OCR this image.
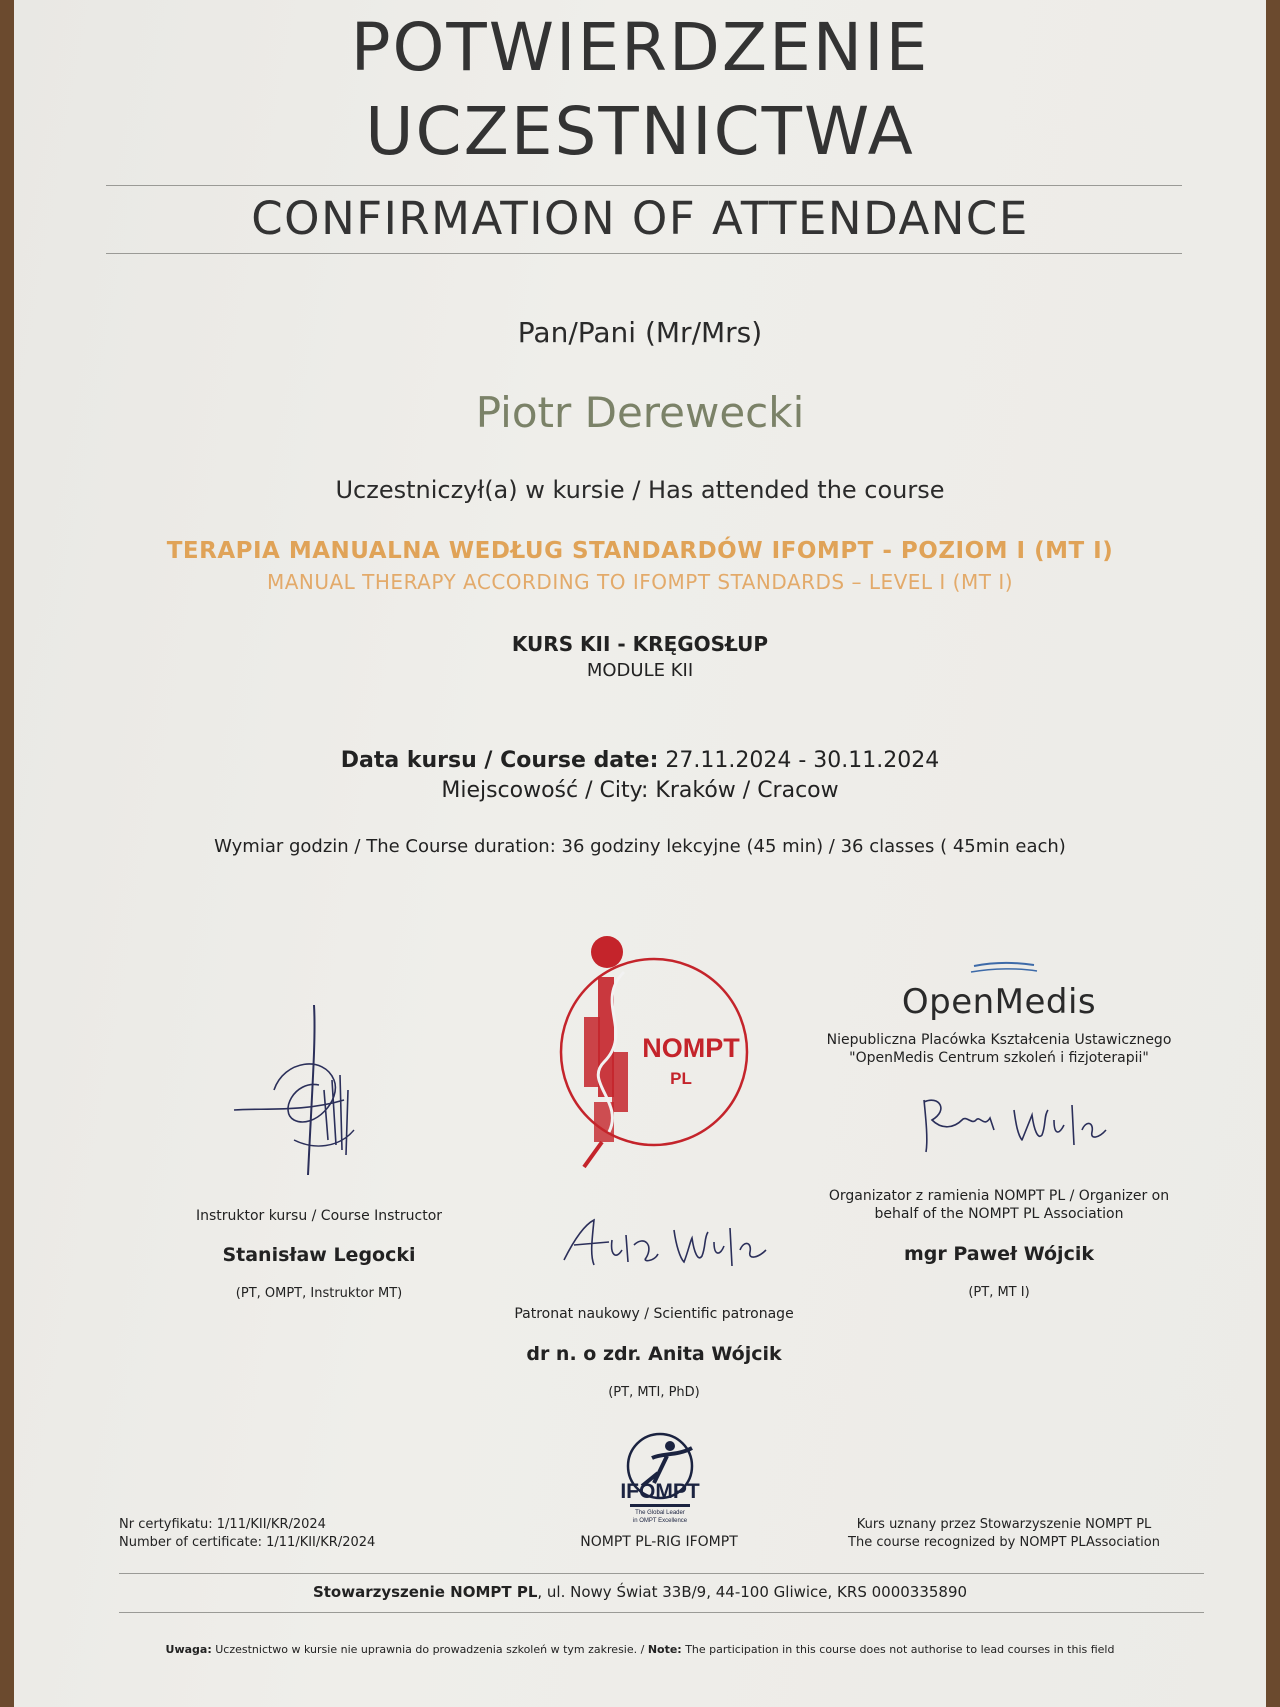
POTWIERDZENIE
UCZESTNICTWA
CONFIRMATION OF ATTENDANCE
Pan/Pani (Mr/Mrs)
Piotr Derewecki
Uczestniczył(a) w kursie / Has attended the course
TERAPIA MANUALNA WEDŁUG STANDARDÓW IFOMPT - POZIOM I (MT I)
MANUAL THERAPY ACCORDING TO IFOMPT STANDARDS – LEVEL I (MT I)
KURS KII - KRĘGOSŁUP
MODULE KII
Data kursu / Course date: 27.11.2024 - 30.11.2024
Miejscowość / City: Kraków / Cracow
Wymiar godzin / The Course duration: 36 godziny lekcyjne (45 min) / 36 classes ( 45min each)
Instruktor kursu / Course Instructor
Stanisław Legocki
(PT, OMPT, Instruktor MT)
NOMPT
PL
OpenMedis
Niepubliczna Placówka Kształcenia Ustawicznego
"OpenMedis Centrum szkoleń i fizjoterapii"
Organizator z ramienia NOMPT PL / Organizer on
behalf of the NOMPT PL Association
mgr Paweł Wójcik
(PT, MT I)
Patronat naukowy / Scientific patronage
dr n. o zdr. Anita Wójcik
(PT, MTI, PhD)
Nr certyfikatu: 1/11/KII/KR/2024
Number of certificate: 1/11/KII/KR/2024
IFOMPT
The Global Leader
in OMPT Excellence
NOMPT PL-RIG IFOMPT
Kurs uznany przez Stowarzyszenie NOMPT PL
The course recognized by NOMPT PLAssociation
Stowarzyszenie NOMPT PL, ul. Nowy Świat 33B/9, 44-100 Gliwice, KRS 0000335890
Uwaga: Uczestnictwo w kursie nie uprawnia do prowadzenia szkoleń w tym zakresie. / Note: The participation in this course does not authorise to lead courses in this field
